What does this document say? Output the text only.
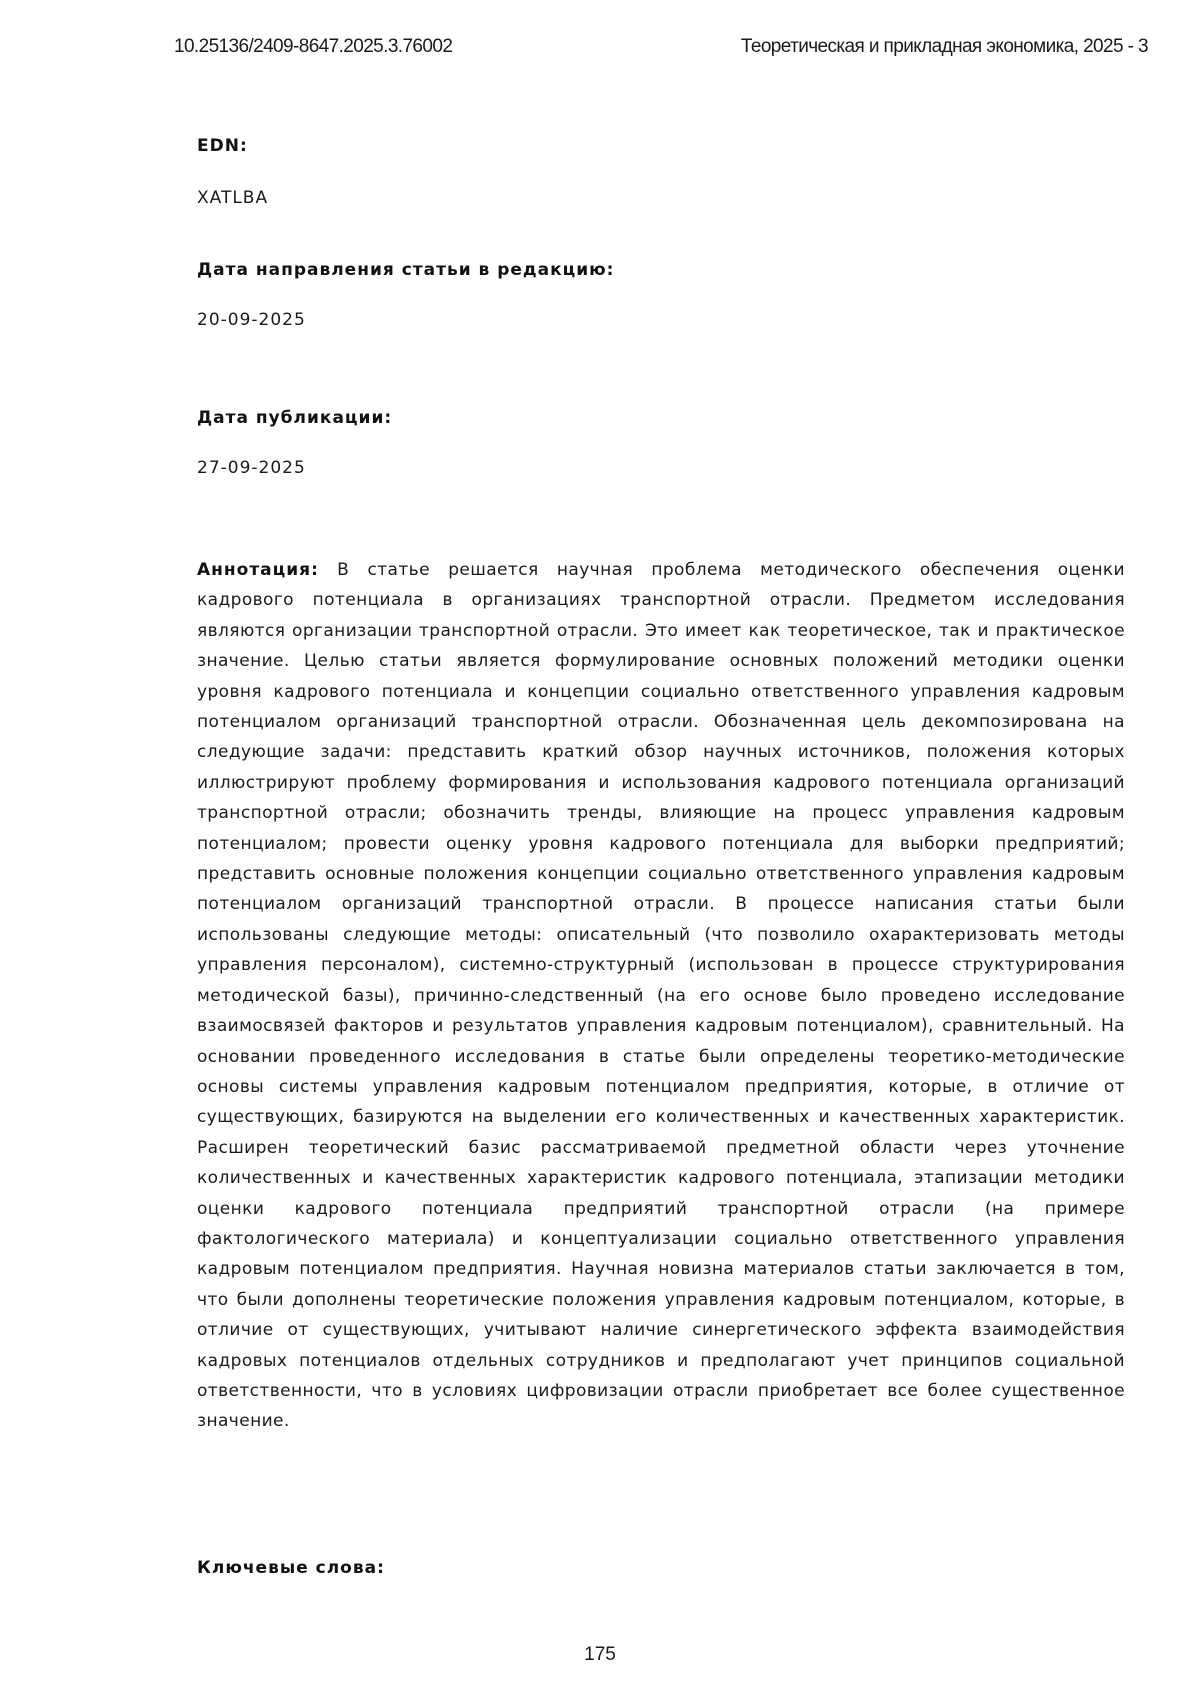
10.25136/2409-8647.2025.3.76002	Теоретическая и прикладная экономика, 2025 - 3
EDN:
XATLBA
Дата направления статьи в редакцию:
20-09-2025
Дата публикации:
27-09-2025

Аннотация: В статье решается научная проблема методического обеспечения оценки кадрового потенциала в организациях транспортной отрасли. Предметом исследования являются организации транспортной отрасли. Это имеет как теоретическое, так и практическое значение. Целью статьи является формулирование основных положений методики оценки уровня кадрового потенциала и концепции социально ответственного управления кадровым потенциалом организаций транспортной отрасли. Обозначенная цель декомпозирована на следующие задачи: представить краткий обзор научных источников, положения которых иллюстрируют проблему формирования и использования кадрового потенциала организаций транспортной отрасли; обозначить тренды, влияющие на процесс управления кадровым потенциалом; провести оценку уровня кадрового потенциала для выборки предприятий; представить основные положения концепции социально ответственного управления кадровым потенциалом организаций транспортной отрасли. В процессе написания статьи были использованы следующие методы: описательный (что позволило охарактеризовать методы управления персоналом), системно-структурный (использован в процессе структурирования методической базы), причинно-следственный (на его основе было проведено исследование взаимосвязей факторов и результатов управления кадровым потенциалом), сравнительный. На основании проведенного исследования в статье были определены теоретико-методические основы системы управления кадровым потенциалом предприятия, которые, в отличие от существующих, базируются на выделении его количественных и качественных характеристик. Расширен теоретический базис рассматриваемой предметной области через уточнение количественных и качественных характеристик кадрового потенциала, этапизации методики оценки кадрового потенциала предприятий транспортной отрасли (на примере фактологического материала) и концептуализации социально ответственного управления кадровым потенциалом предприятия. Научная новизна материалов статьи заключается в том, что были дополнены теоретические положения управления кадровым потенциалом, которые, в отличие от существующих, учитывают наличие синергетического эффекта взаимодействия кадровых потенциалов отдельных сотрудников и предполагают учет принципов социальной ответственности, что в условиях цифровизации отрасли приобретает все более существенное значение.

Ключевые слова:
175
